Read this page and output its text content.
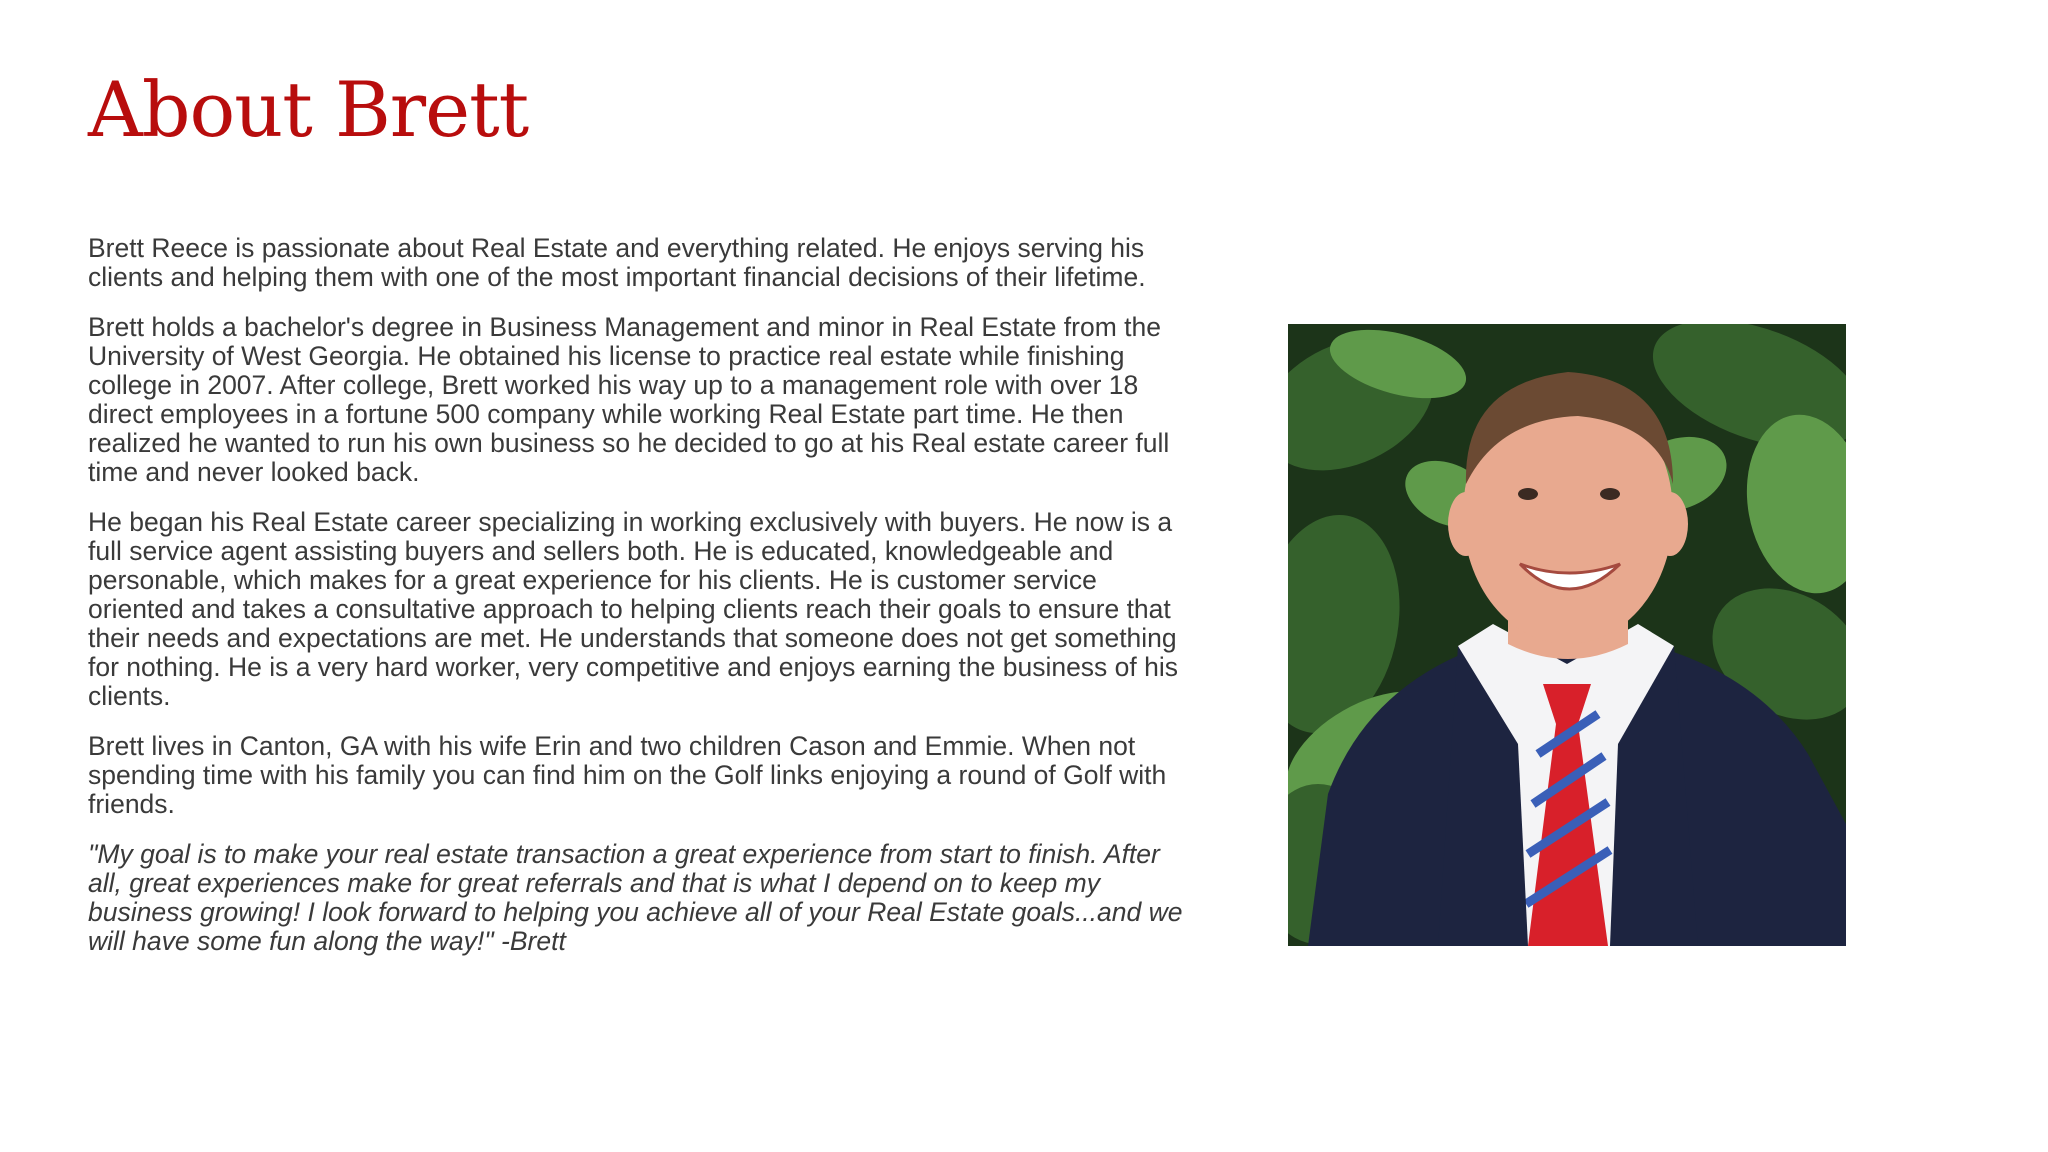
About Brett

Brett Reece is passionate about Real Estate and everything related. He enjoys serving his clients and helping them with one of the most important financial decisions of their lifetime.

Brett holds a bachelor's degree in Business Management and minor in Real Estate from the University of West Georgia. He obtained his license to practice real estate while finishing college in 2007. After college, Brett worked his way up to a management role with over 18 direct employees in a fortune 500 company while working Real Estate part time. He then realized he wanted to run his own business so he decided to go at his Real estate career full time and never looked back.

He began his Real Estate career specializing in working exclusively with buyers. He now is a full service agent assisting buyers and sellers both. He is educated, knowledgeable and personable, which makes for a great experience for his clients. He is customer service oriented and takes a consultative approach to helping clients reach their goals to ensure that their needs and expectations are met. He understands that someone does not get something for nothing. He is a very hard worker, very competitive and enjoys earning the business of his clients.

Brett lives in Canton, GA with his wife Erin and two children Cason and Emmie. When not spending time with his family you can find him on the Golf links enjoying a round of Golf with friends.

"My goal is to make your real estate transaction a great experience from start to finish. After all, great experiences make for great referrals and that is what I depend on to keep my business growing! I look forward to helping you achieve all of your Real Estate goals...and we will have some fun along the way!" -Brett
